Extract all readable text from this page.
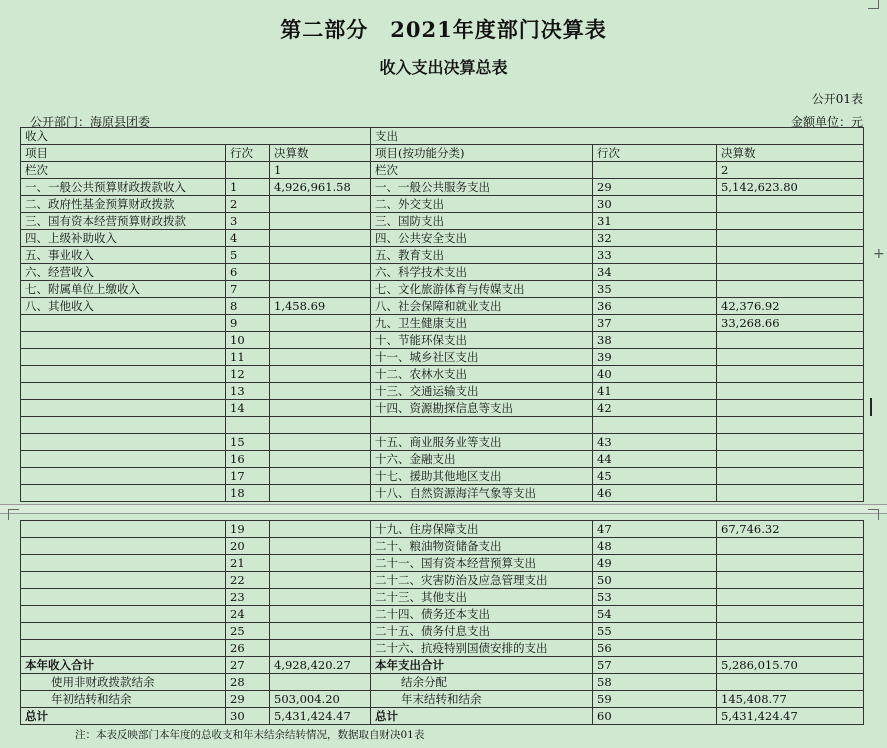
第二部分　2021年度部门决算表
收入支出决算总表
公开01表
公开部门：海原县团委	金额单位：元
收入			支出		
项目	行次	决算数	项目(按功能分类)	行次	决算数
栏次		1	栏次		2
一、一般公共预算财政拨款收入	1	4,926,961.58	一、一般公共服务支出	29	5,142,623.80
二、政府性基金预算财政拨款	2		二、外交支出	30	
三、国有资本经营预算财政拨款	3		三、国防支出	31	
四、上级补助收入	4		四、公共安全支出	32	
五、事业收入	5		五、教育支出	33	
六、经营收入	6		六、科学技术支出	34	
七、附属单位上缴收入	7		七、文化旅游体育与传媒支出	35	
八、其他收入	8	1,458.69	八、社会保障和就业支出	36	42,376.92
	9		九、卫生健康支出	37	33,268.66
	10		十、节能环保支出	38	
	11		十一、城乡社区支出	39	
	12		十二、农林水支出	40	
	13		十三、交通运输支出	41	
	14		十四、资源勘探信息等支出	42	

	15		十五、商业服务业等支出	43	
	16		十六、金融支出	44	
	17		十七、援助其他地区支出	45	
	18		十八、自然资源海洋气象等支出	46	
	19		十九、住房保障支出	47	67,746.32
	20		二十、粮油物资储备支出	48	
	21		二十一、国有资本经营预算支出	49	
	22		二十二、灾害防治及应急管理支出	50	
	23		二十三、其他支出	53	
	24		二十四、债务还本支出	54	
	25		二十五、债务付息支出	55	
	26		二十六、抗疫特别国债安排的支出	56	
本年收入合计	27	4,928,420.27	本年支出合计	57	5,286,015.70
使用非财政拨款结余	28		结余分配	58	
年初结转和结余	29	503,004.20	年末结转和结余	59	145,408.77
总计	30	5,431,424.47	总计	60	5,431,424.47
+
注：本表反映部门本年度的总收支和年末结余结转情况，数据取自财决01表
